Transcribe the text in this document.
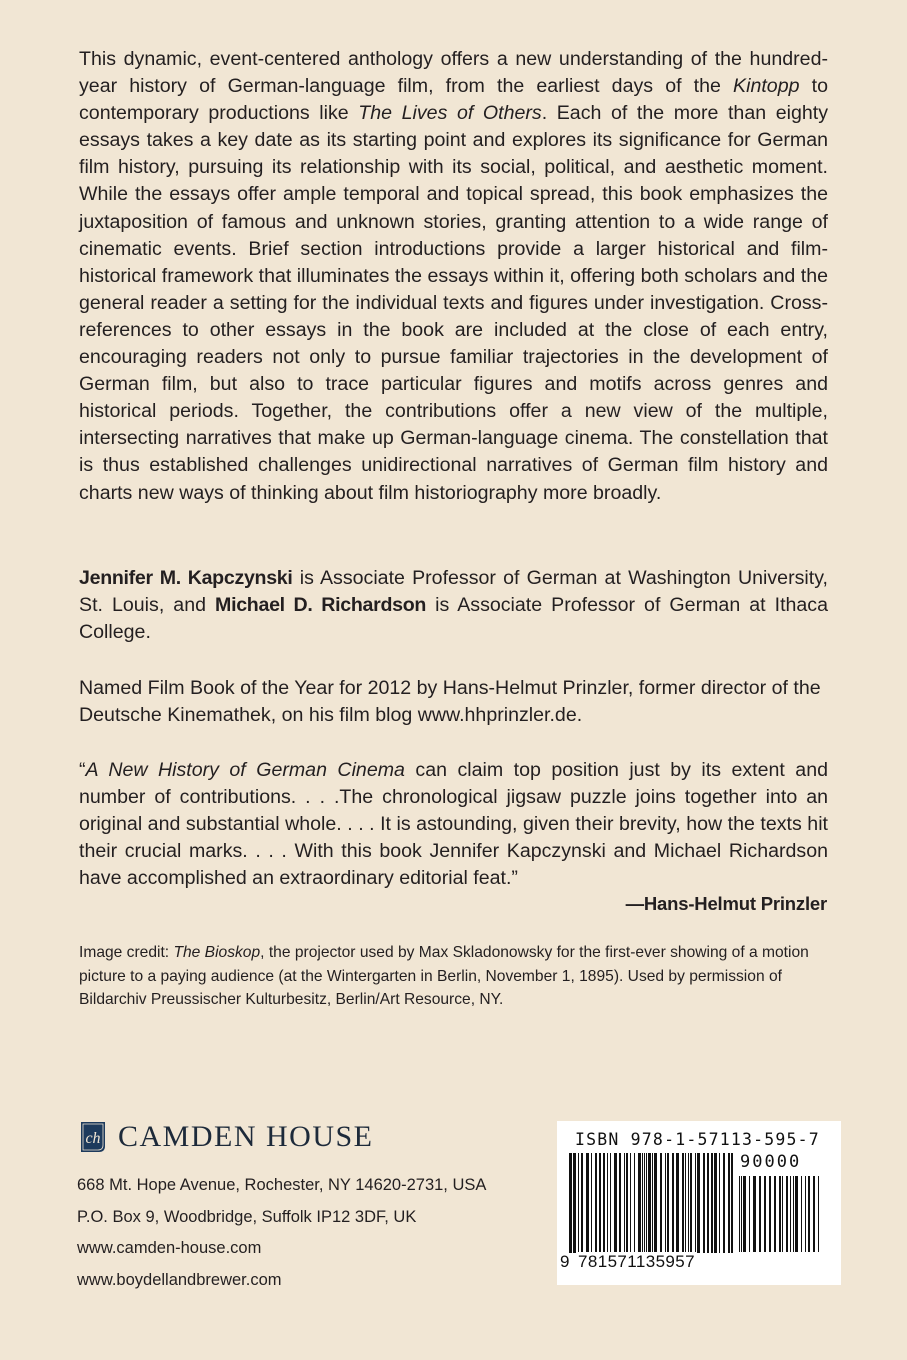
This dynamic, event-centered anthology offers a new understanding of the hundred-year history of German-language film, from the earliest days of the Kintopp to contemporary productions like The Lives of Others. Each of the more than eighty essays takes a key date as its starting point and explores its significance for German film history, pursuing its relationship with its social, political, and aesthetic moment. While the essays offer ample temporal and topical spread, this book emphasizes the juxtaposition of famous and unknown stories, granting attention to a wide range of cinematic events. Brief section introductions provide a larger historical and film-historical framework that illuminates the essays within it, offering both scholars and the general reader a setting for the individual texts and figures under investigation. Cross-references to other essays in the book are included at the close of each entry, encouraging readers not only to pursue familiar trajectories in the development of German film, but also to trace particular figures and motifs across genres and historical periods. Together, the contributions offer a new view of the multiple, intersecting narratives that make up German-language cinema. The constellation that is thus established challenges unidirectional narratives of German film history and charts new ways of thinking about film historiography more broadly.

Jennifer M. Kapczynski is Associate Professor of German at Washington University, St. Louis, and Michael D. Richardson is Associate Professor of German at Ithaca College.

Named Film Book of the Year for 2012 by Hans-Helmut Prinzler, former director of the Deutsche Kinemathek, on his film blog www.hhprinzler.de.

“A New History of German Cinema can claim top position just by its extent and number of contributions. . . .The chronological jigsaw puzzle joins together into an original and substantial whole. . . . It is astounding, given their brevity, how the texts hit their crucial marks. . . . With this book Jennifer Kapczynski and Michael Richardson have accomplished an extraordinary editorial feat.”

—Hans-Helmut Prinzler

Image credit: The Bioskop, the projector used by Max Skladonowsky for the first-ever showing of a motion picture to a paying audience (at the Wintergarten in Berlin, November 1, 1895). Used by permission of Bildarchiv Preussischer Kulturbesitz, Berlin/Art Resource, NY.

ch CAMDEN HOUSE
668 Mt. Hope Avenue, Rochester, NY 14620-2731, USA
P.O. Box 9, Woodbridge, Suffolk IP12 3DF, UK
www.camden-house.com
www.boydellandbrewer.com
ISBN 978-1-57113-595-7
90000
9 781571135957
